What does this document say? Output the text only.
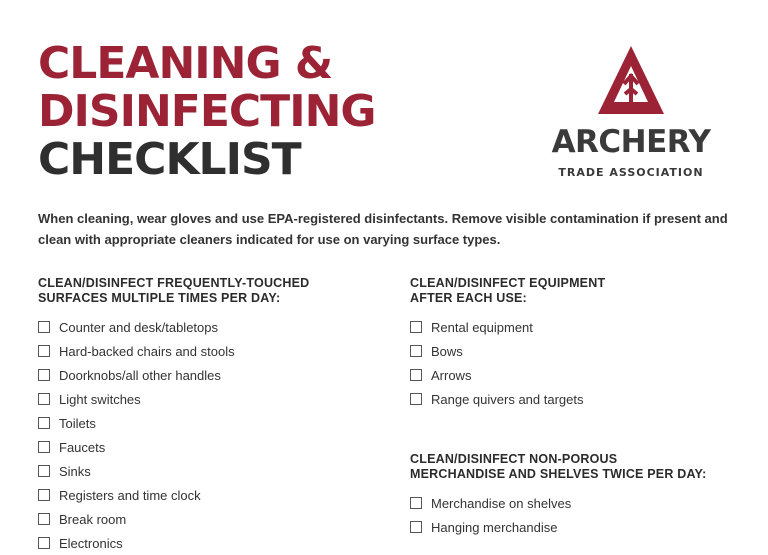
CLEANING &
DISINFECTING
CHECKLIST	ARCHERY
TRADE ASSOCIATION
When cleaning, wear gloves and use EPA-registered disinfectants. Remove visible contamination if present and clean with appropriate cleaners indicated for use on varying surface types.
CLEAN/DISINFECT FREQUENTLY-TOUCHED
SURFACES MULTIPLE TIMES PER DAY:
Counter and desk/tabletops
Hard-backed chairs and stools
Doorknobs/all other handles
Light switches
Toilets
Faucets
Sinks
Registers and time clock
Break room
Electronics
CLEAN/DISINFECT EQUIPMENT
AFTER EACH USE:
Rental equipment
Bows
Arrows
Range quivers and targets
CLEAN/DISINFECT NON-POROUS
MERCHANDISE AND SHELVES TWICE PER DAY:
Merchandise on shelves
Hanging merchandise
